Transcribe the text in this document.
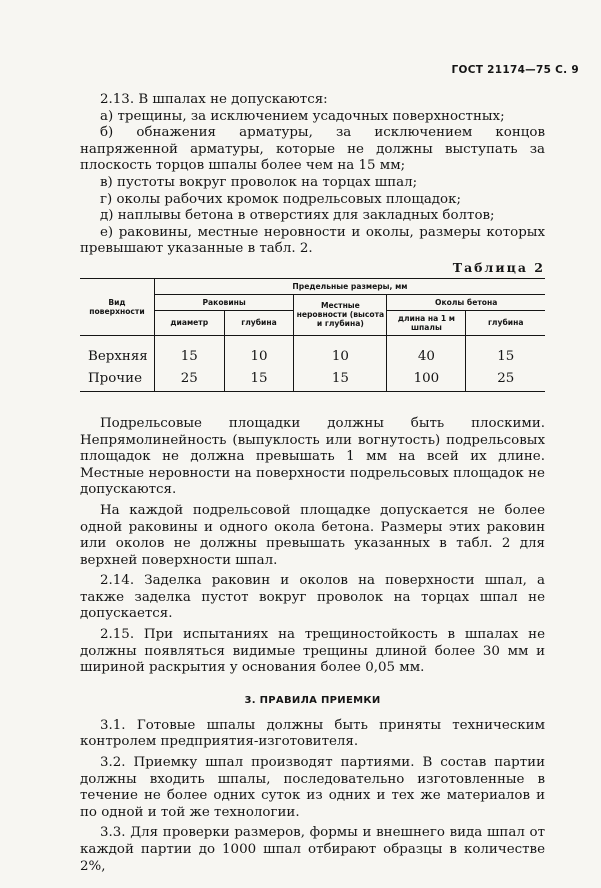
ГОСТ 21174—75 С. 9

2.13. В шпалах не допускаются:

а) трещины, за исключением усадочных поверхностных;

б) обнажения арматуры, за исключением концов напряженной арматуры, которые не должны выступать за плоскость торцов шпалы более чем на 15 мм;

в) пустоты вокруг проволок на торцах шпал;

г) околы рабочих кромок подрельсовых площадок;

д) наплывы бетона в отверстиях для закладных болтов;

е) раковины, местные неровности и околы, размеры которых превышают указанные в табл. 2.

Таблица 2
Вид поверхности	Предельные размеры, мм				
	Раковины		Местные неровности (высота и глубина)	Околы бетона	
	диаметр	глубина		длина на 1 м шпалы	глубина
Верхняя	15	10	10	40	15
Прочие	25	15	15	100	25

Подрельсовые площадки должны быть плоскими. Непрямолинейность (выпуклость или вогнутость) подрельсовых площадок не должна превышать 1 мм на всей их длине. Местные неровности на поверхности подрельсовых площадок не допускаются.

На каждой подрельсовой площадке допускается не более одной раковины и одного окола бетона. Размеры этих раковин или околов не должны превышать указанных в табл. 2 для верхней поверхности шпал.

2.14. Заделка раковин и околов на поверхности шпал, а также заделка пустот вокруг проволок на торцах шпал не допускается.

2.15. При испытаниях на трещиностойкость в шпалах не должны появляться видимые трещины длиной более 30 мм и шириной раскрытия у основания более 0,05 мм.

3. ПРАВИЛА ПРИЕМКИ

3.1. Готовые шпалы должны быть приняты техническим контролем предприятия-изготовителя.

3.2. Приемку шпал производят партиями. В состав партии должны входить шпалы, последовательно изготовленные в течение не более одних суток из одних и тех же материалов и по одной и той же технологии.

3.3. Для проверки размеров, формы и внешнего вида шпал от каждой партии до 1000 шпал отбирают образцы в количестве 2%,
